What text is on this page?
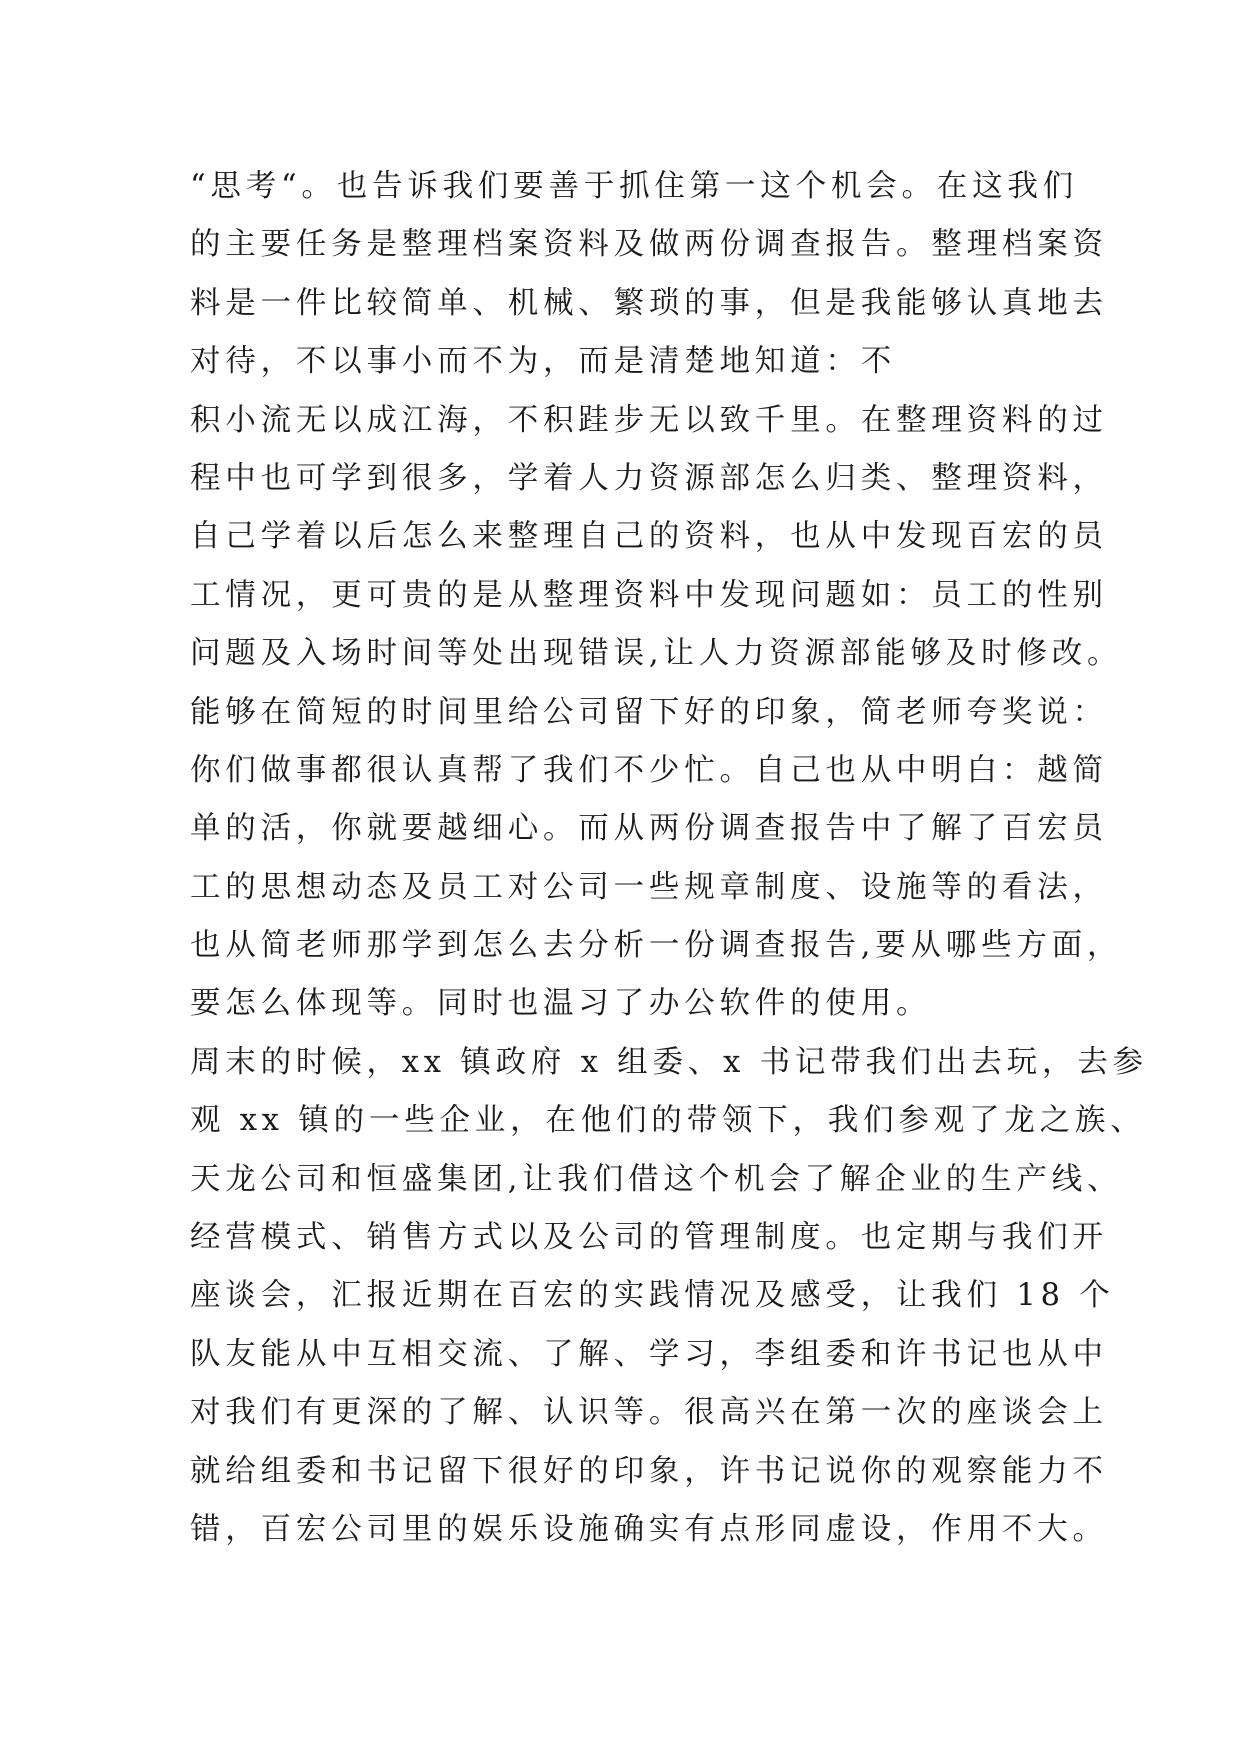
“思考“。也告诉我们要善于抓住第一这个机会。在这我们
的主要任务是整理档案资料及做两份调查报告。整理档案资
料是一件比较简单、机械、繁琐的事，但是我能够认真地去
对待，不以事小而不为，而是清楚地知道：不
积小流无以成江海，不积跬步无以致千里。在整理资料的过
程中也可学到很多，学着人力资源部怎么归类、整理资料，
自己学着以后怎么来整理自己的资料，也从中发现百宏的员
工情况，更可贵的是从整理资料中发现问题如：员工的性别
问题及入场时间等处出现错误,让人力资源部能够及时修改。
能够在简短的时间里给公司留下好的印象，简老师夸奖说：
你们做事都很认真帮了我们不少忙。自己也从中明白：越简
单的活，你就要越细心。而从两份调查报告中了解了百宏员
工的思想动态及员工对公司一些规章制度、设施等的看法，
也从简老师那学到怎么去分析一份调查报告,要从哪些方面，
要怎么体现等。同时也温习了办公软件的使用。
周末的时候，xx 镇政府 x 组委、x 书记带我们出去玩，去参
观 xx 镇的一些企业，在他们的带领下，我们参观了龙之族、
天龙公司和恒盛集团,让我们借这个机会了解企业的生产线、
经营模式、销售方式以及公司的管理制度。也定期与我们开
座谈会，汇报近期在百宏的实践情况及感受，让我们 18 个
队友能从中互相交流、了解、学习，李组委和许书记也从中
对我们有更深的了解、认识等。很高兴在第一次的座谈会上
就给组委和书记留下很好的印象，许书记说你的观察能力不
错，百宏公司里的娱乐设施确实有点形同虚设，作用不大。
